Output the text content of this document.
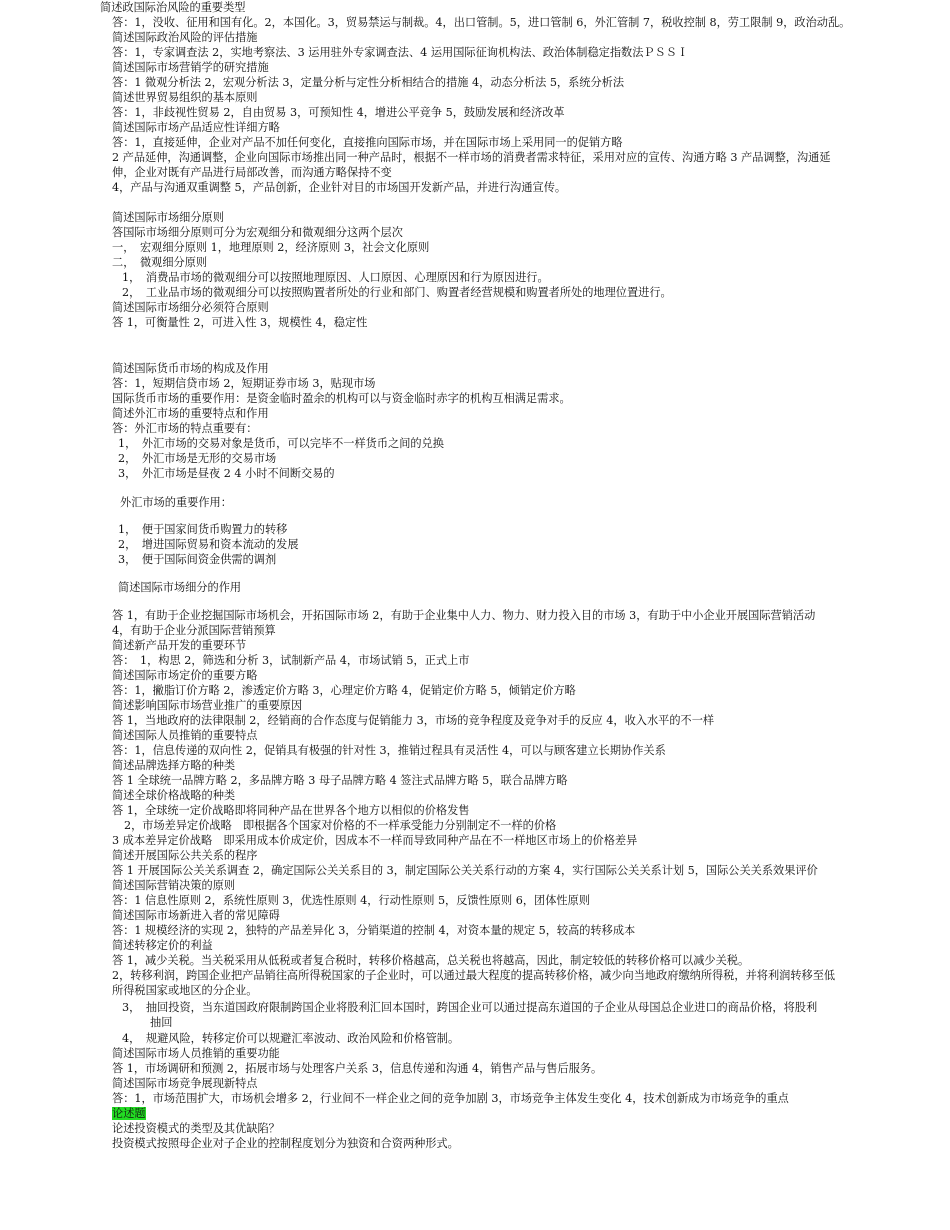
简述政国际治风险的重要类型
答：1，没收、征用和国有化。2，本国化。3，贸易禁运与制裁。4，出口管制。5，进口管制 6，外汇管制 7，税收控制 8，劳工限制 9，政治动乱。
简述国际政治风险的评估措施
答：1，专家调查法 2，实地考察法、3 运用驻外专家调查法、4 运用国际征询机构法、政治体制稳定指数法ＰＳＳＩ
简述国际市场营销学的研究措施
答：1 微观分析法 2，宏观分析法 3，定量分析与定性分析相结合的措施 4，动态分析法 5，系统分析法
简述世界贸易组织的基本原则
答：1，非歧视性贸易 2，自由贸易 3，可预知性 4，增进公平竞争 5，鼓励发展和经济改革
简述国际市场产品适应性详细方略
答：1，直接延伸，企业对产品不加任何变化，直接推向国际市场，并在国际市场上采用同一的促销方略
2 产品延伸，沟通调整，企业向国际市场推出同一种产品时，根据不一样市场的消费者需求特征，采用对应的宣传、沟通方略 3 产品调整，沟通延
伸，企业对既有产品进行局部改善，而沟通方略保持不变
4，产品与沟通双重调整 5，产品创新，企业针对目的市场国开发新产品，并进行沟通宣传。
简述国际市场细分原则
答国际市场细分原则可分为宏观细分和微观细分这两个层次
一，　宏观细分原则 1，地理原则 2，经济原则 3，社会文化原则
二，　微观细分原则
1，　消费品市场的微观细分可以按照地理原因、人口原因、心理原因和行为原因进行。
2，　工业品市场的微观细分可以按照购置者所处的行业和部门、购置者经营规模和购置者所处的地理位置进行。
简述国际市场细分必须符合原则
答 1，可衡量性 2，可进入性 3，规模性 4，稳定性
简述国际货币市场的构成及作用
答：1，短期信贷市场 2，短期证券市场 3，贴现市场
国际货币市场的重要作用：是资金临时盈余的机构可以与资金临时赤字的机构互相满足需求。
简述外汇市场的重要特点和作用
答：外汇市场的特点重要有：
1，　外汇市场的交易对象是货币，可以完毕不一样货币之间的兑换
2，　外汇市场是无形的交易市场
3，　外汇市场是昼夜 2 4 小时不间断交易的
外汇市场的重要作用：
1，　便于国家间货币购置力的转移
2，　增进国际贸易和资本流动的发展
3，　便于国际间资金供需的调剂
简述国际市场细分的作用
答 1，有助于企业挖掘国际市场机会，开拓国际市场 2，有助于企业集中人力、物力、财力投入目的市场 3，有助于中小企业开展国际营销活动
4，有助于企业分派国际营销预算
简述新产品开发的重要环节
答：　1，构思 2，筛选和分析 3，试制新产品 4，市场试销 5，正式上市
简述国际市场定价的重要方略
答：1，撇脂订价方略 2，渗透定价方略 3，心理定价方略 4，促销定价方略 5，倾销定价方略
简述影响国际市场营业推广的重要原因
答 1，当地政府的法律限制 2，经销商的合作态度与促销能力 3，市场的竞争程度及竞争对手的反应 4，收入水平的不一样
简述国际人员推销的重要特点
答：1，信息传递的双向性 2，促销具有极强的针对性 3，推销过程具有灵活性 4，可以与顾客建立长期协作关系
简述品牌选择方略的种类
答 1 全球统一品牌方略 2，多品牌方略 3 母子品牌方略 4 签注式品牌方略 5，联合品牌方略
简述全球价格战略的种类
答 1，全球统一定价战略即将同种产品在世界各个地方以相似的价格发售
2，市场差异定价战略　即根据各个国家对价格的不一样承受能力分别制定不一样的价格
3 成本差异定价战略　即采用成本价成定价，因成本不一样而导致同种产品在不一样地区市场上的价格差异
简述开展国际公共关系的程序
答 1 开展国际公关关系调查 2，确定国际公关关系目的 3，制定国际公关关系行动的方案 4，实行国际公关关系计划 5，国际公关关系效果评价
简述国际营销决策的原则
答：1 信息性原则 2，系统性原则 3，优选性原则 4，行动性原则 5，反馈性原则 6，团体性原则
简述国际市场新进入者的常见障碍
答：1 规模经济的实现 2，独特的产品差异化 3，分销渠道的控制 4，对资本量的规定 5，较高的转移成本
简述转移定价的利益
答 1，减少关税。当关税采用从低税或者复合税时，转移价格越高，总关税也将越高，因此，制定较低的转移价格可以减少关税。
2，转移利润，跨国企业把产品销往高所得税国家的子企业时，可以通过最大程度的提高转移价格，减少向当地政府缴纳所得税，并将利润转移至低
所得税国家或地区的分企业。
3，　抽回投资，当东道国政府限制跨国企业将股利汇回本国时，跨国企业可以通过提高东道国的子企业从母国总企业进口的商品价格，将股利
抽回
4，　规避风险，转移定价可以规避汇率波动、政治风险和价格管制。
简述国际市场人员推销的重要功能
答 1，市场调研和预测 2，拓展市场与处理客户关系 3，信息传递和沟通 4，销售产品与售后服务。
简述国际市场竞争展现新特点
答：1，市场范围扩大，市场机会增多 2，行业间不一样企业之间的竞争加剧 3，市场竞争主体发生变化 4，技术创新成为市场竞争的重点
论述题
论述投资模式的类型及其优缺陷？
投资模式按照母企业对子企业的控制程度划分为独资和合资两种形式。
